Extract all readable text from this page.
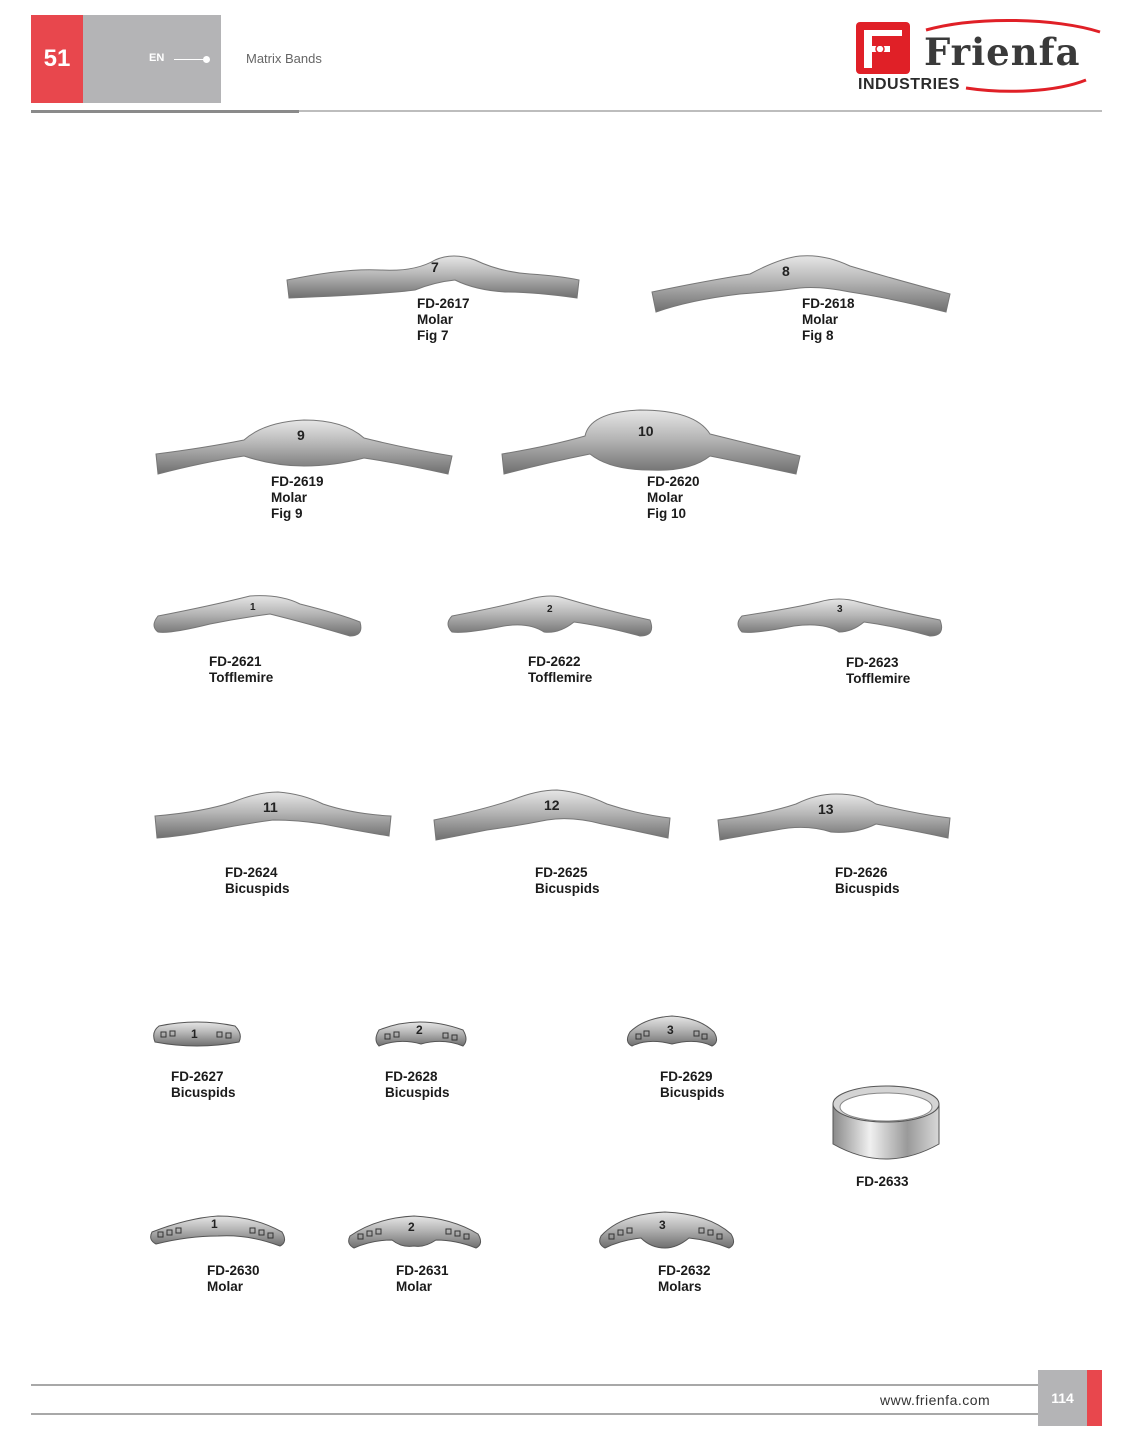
51	EN	Matrix Bands	Frienfa
INDUSTRIES
7
FD-2617
Molar
Fig 7
8
FD-2618
Molar
Fig 8
9
FD-2619
Molar
Fig 9
10
FD-2620
Molar
Fig 10
1
FD-2621
Tofflemire
2
FD-2622
Tofflemire
3
FD-2623
Tofflemire
11
FD-2624
Bicuspids
12
FD-2625
Bicuspids
13
FD-2626
Bicuspids
1
FD-2627
Bicuspids
2
FD-2628
Bicuspids
3
FD-2629
Bicuspids
FD-2633
1
FD-2630
Molar
2
FD-2631
Molar
3
FD-2632
Molars
www.frienfa.com	114
